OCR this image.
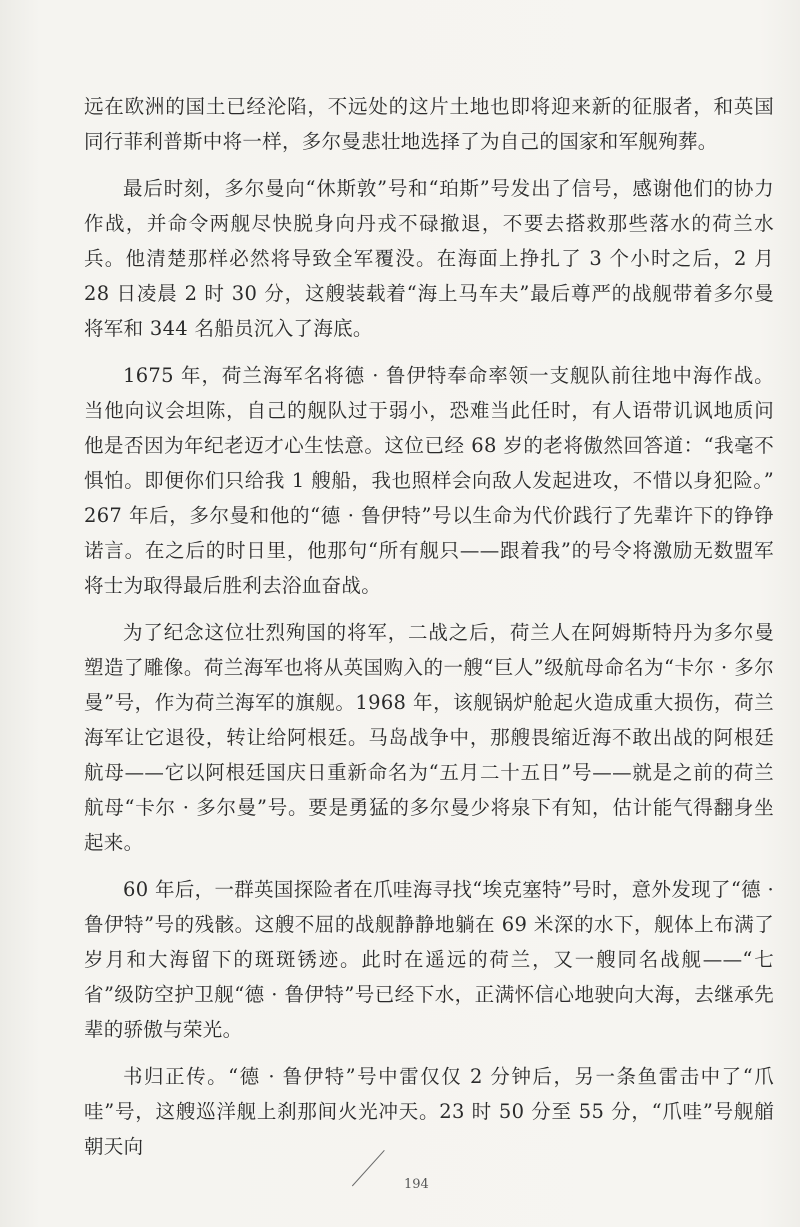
远在欧洲的国土已经沦陷，不远处的这片土地也即将迎来新的征服者，和英国同行菲利普斯中将一样，多尔曼悲壮地选择了为自己的国家和军舰殉葬。

最后时刻，多尔曼向“休斯敦”号和“珀斯”号发出了信号，感谢他们的协力作战，并命令两舰尽快脱身向丹戎不碌撤退，不要去搭救那些落水的荷兰水兵。他清楚那样必然将导致全军覆没。在海面上挣扎了 3 个小时之后，2 月 28 日凌晨 2 时 30 分，这艘装载着“海上马车夫”最后尊严的战舰带着多尔曼将军和 344 名船员沉入了海底。

1675 年，荷兰海军名将德 · 鲁伊特奉命率领一支舰队前往地中海作战。当他向议会坦陈，自己的舰队过于弱小，恐难当此任时，有人语带讥讽地质问他是否因为年纪老迈才心生怯意。这位已经 68 岁的老将傲然回答道：“我毫不惧怕。即便你们只给我 1 艘船，我也照样会向敌人发起进攻，不惜以身犯险。” 267 年后，多尔曼和他的“德 · 鲁伊特”号以生命为代价践行了先辈许下的铮铮诺言。在之后的时日里，他那句“所有舰只——跟着我”的号令将激励无数盟军将士为取得最后胜利去浴血奋战。

为了纪念这位壮烈殉国的将军，二战之后，荷兰人在阿姆斯特丹为多尔曼塑造了雕像。荷兰海军也将从英国购入的一艘“巨人”级航母命名为“卡尔 · 多尔曼”号，作为荷兰海军的旗舰。1968 年，该舰锅炉舱起火造成重大损伤，荷兰海军让它退役，转让给阿根廷。马岛战争中，那艘畏缩近海不敢出战的阿根廷航母——它以阿根廷国庆日重新命名为“五月二十五日”号——就是之前的荷兰航母“卡尔 · 多尔曼”号。要是勇猛的多尔曼少将泉下有知，估计能气得翻身坐起来。

60 年后，一群英国探险者在爪哇海寻找“埃克塞特”号时，意外发现了“德 · 鲁伊特”号的残骸。这艘不屈的战舰静静地躺在 69 米深的水下，舰体上布满了岁月和大海留下的斑斑锈迹。此时在遥远的荷兰，又一艘同名战舰——“七省”级防空护卫舰“德 · 鲁伊特”号已经下水，正满怀信心地驶向大海，去继承先辈的骄傲与荣光。

书归正传。“德 · 鲁伊特”号中雷仅仅 2 分钟后，另一条鱼雷击中了“爪哇”号，这艘巡洋舰上刹那间火光冲天。23 时 50 分至 55 分，“爪哇”号舰艏朝天向

194
